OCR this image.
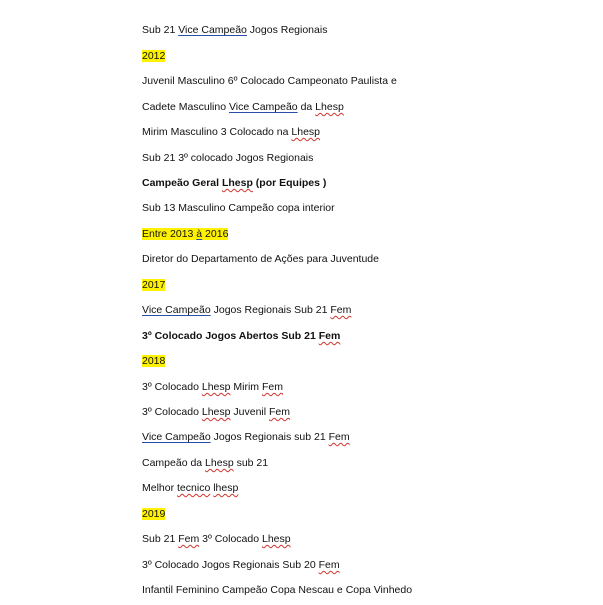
Sub 21 Vice Campeão Jogos Regionais
2012
Juvenil Masculino 6º Colocado Campeonato Paulista e
Cadete Masculino Vice Campeão da Lhesp
Mirim Masculino 3 Colocado na Lhesp
Sub 21 3º colocado Jogos Regionais
Campeão Geral Lhesp (por Equipes )
Sub 13 Masculino Campeão copa interior
Entre 2013 à 2016
Diretor do Departamento de Ações para Juventude
2017
Vice Campeão Jogos Regionais Sub 21 Fem
3º Colocado Jogos Abertos Sub 21 Fem
2018
3º Colocado Lhesp Mirim Fem
3º Colocado Lhesp Juvenil Fem
Vice Campeão Jogos Regionais sub 21 Fem
Campeão da Lhesp sub 21
Melhor tecnico lhesp
2019
Sub 21 Fem 3º Colocado Lhesp
3º Colocado Jogos Regionais Sub 20 Fem
Infantil Feminino Campeão Copa Nescau e Copa Vinhedo
